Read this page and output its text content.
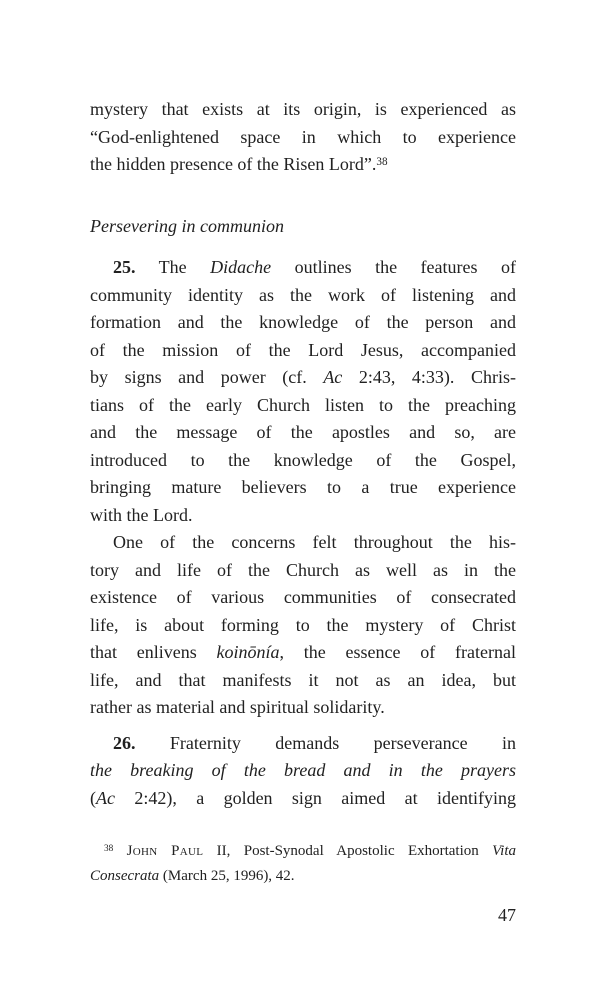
mystery that exists at its origin, is experienced as
“God-enlightened space in which to experience
the hidden presence of the Risen Lord”.$^{38}$
Persevering in communion
25. The Didache outlines the features of
community identity as the work of listening and
formation and the knowledge of the person and
of the mission of the Lord Jesus, accompanied
by signs and power (cf. Ac 2:43, 4:33). Chris-
tians of the early Church listen to the preaching
and the message of the apostles and so, are
introduced to the knowledge of the Gospel,
bringing mature believers to a true experience
with the Lord.
One of the concerns felt throughout the his-
tory and life of the Church as well as in the
existence of various communities of consecrated
life, is about forming to the mystery of Christ
that enlivens koinōnía, the essence of fraternal
life, and that manifests it not as an idea, but
rather as material and spiritual solidarity.
26. Fraternity demands perseverance in
the breaking of the bread and in the prayers
(Ac 2:42), a golden sign aimed at identifying
$^{38}$ John Paul II, Post-Synodal Apostolic Exhortation Vita
Consecrata (March 25, 1996), 42.
47
